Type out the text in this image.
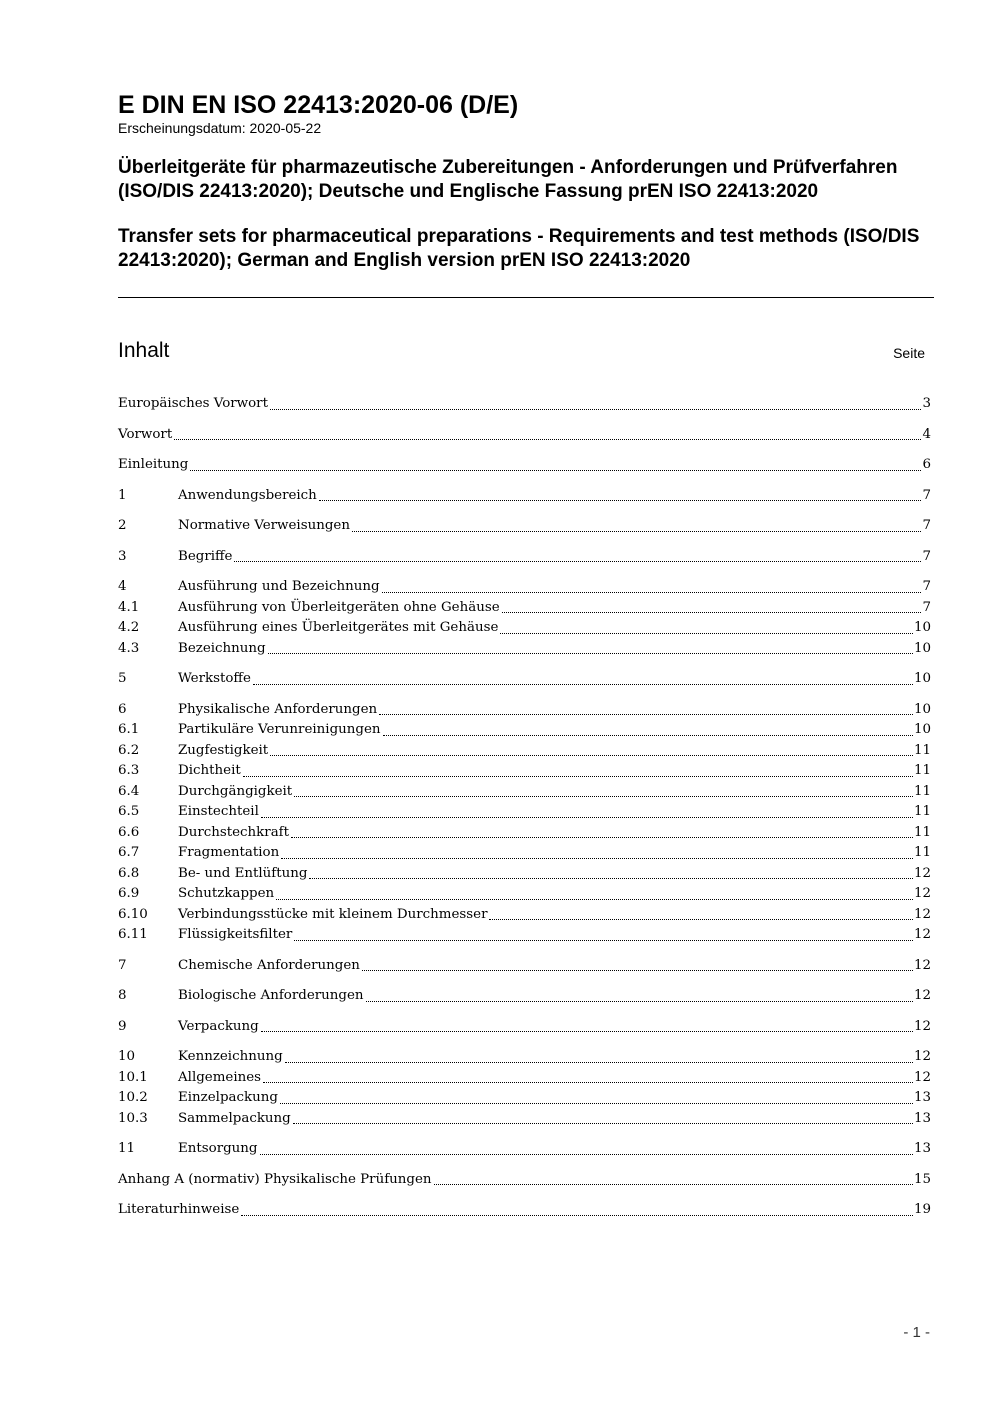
E DIN EN ISO 22413:2020-06 (D/E)

Erscheinungsdatum: 2020-05-22

Überleitgeräte für pharmazeutische Zubereitungen - Anforderungen und Prüfverfahren (ISO/DIS 22413:2020); Deutsche und Englische Fassung prEN ISO 22413:2020

Transfer sets for pharmaceutical preparations - Requirements and test methods (ISO/DIS 22413:2020); German and English version prEN ISO 22413:2020

Inhalt	Seite
Europäisches Vorwort	3
Vorwort	4
Einleitung	6
1	Anwendungsbereich	7
2	Normative Verweisungen	7
3	Begriffe	7
4	Ausführung und Bezeichnung	7
4.1	Ausführung von Überleitgeräten ohne Gehäuse	7
4.2	Ausführung eines Überleitgerätes mit Gehäuse	10
4.3	Bezeichnung	10
5	Werkstoffe	10
6	Physikalische Anforderungen	10
6.1	Partikuläre Verunreinigungen	10
6.2	Zugfestigkeit	11
6.3	Dichtheit	11
6.4	Durchgängigkeit	11
6.5	Einstechteil	11
6.6	Durchstechkraft	11
6.7	Fragmentation	11
6.8	Be- und Entlüftung	12
6.9	Schutzkappen	12
6.10	Verbindungsstücke mit kleinem Durchmesser	12
6.11	Flüssigkeitsfilter	12
7	Chemische Anforderungen	12
8	Biologische Anforderungen	12
9	Verpackung	12
10	Kennzeichnung	12
10.1	Allgemeines	12
10.2	Einzelpackung	13
10.3	Sammelpackung	13
11	Entsorgung	13
Anhang A (normativ) Physikalische Prüfungen	15
Literaturhinweise	19
- 1 -
